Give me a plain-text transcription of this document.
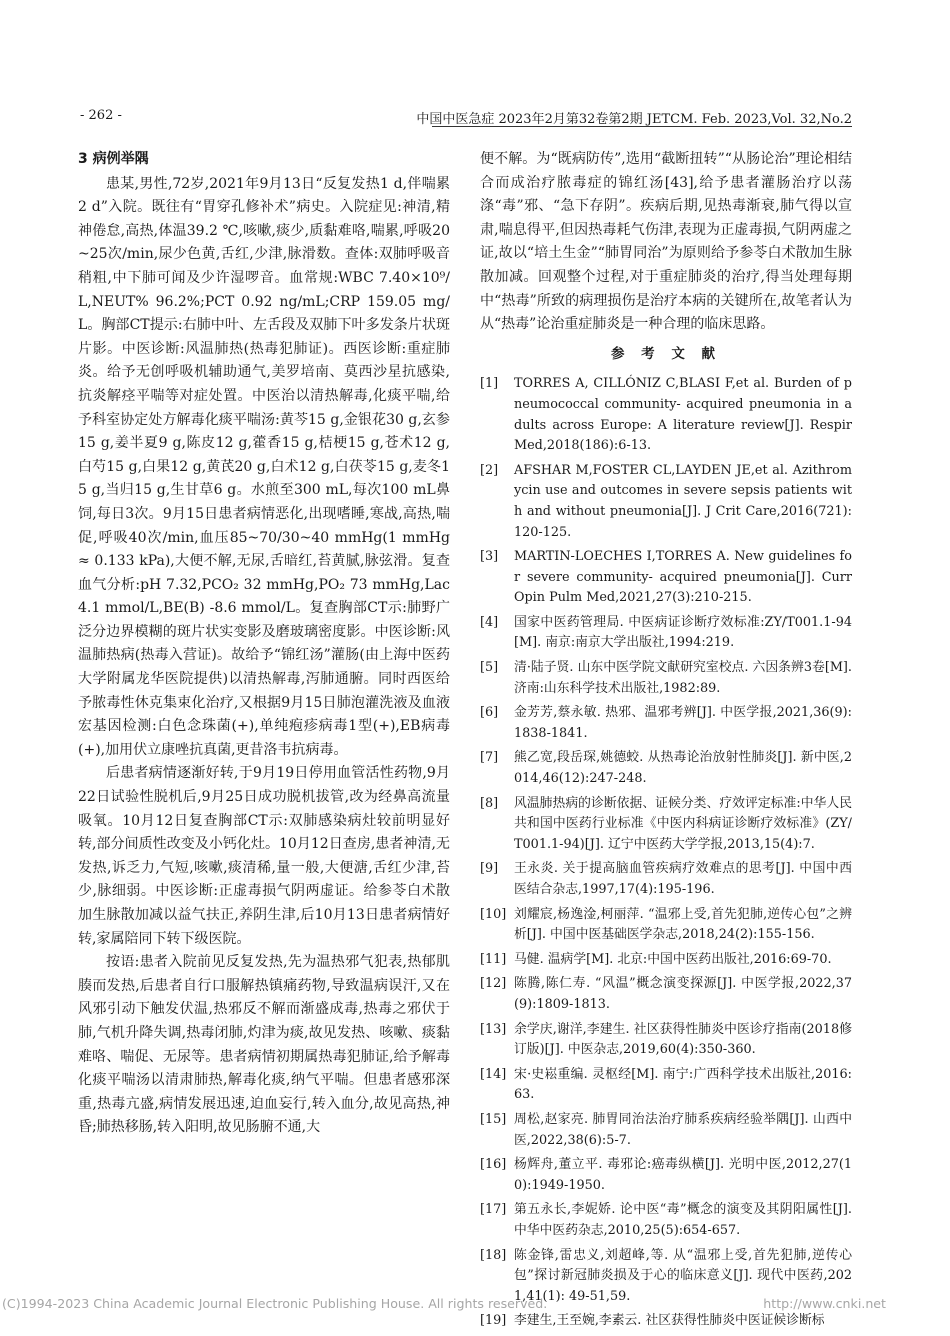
- 262 -	中国中医急症 2023年2月第32卷第2期 JETCM. Feb. 2023,Vol. 32,No.2
3 病例举隅

患某,男性,72岁,2021年9月13日“反复发热1 d,伴喘累2 d”入院。既往有“胃穿孔修补术”病史。入院症见:神清,精神倦怠,高热,体温39.2 ℃,咳嗽,痰少,质黏难咯,喘累,呼吸20~25次/min,尿少色黄,舌红,少津,脉滑数。查体:双肺呼吸音稍粗,中下肺可闻及少许湿啰音。血常规:WBC 7.40×10⁹/L,NEUT% 96.2%;PCT 0.92 ng/mL;CRP 159.05 mg/L。胸部CT提示:右肺中叶、左舌段及双肺下叶多发条片状斑片影。中医诊断:风温肺热(热毒犯肺证)。西医诊断:重症肺炎。给予无创呼吸机辅助通气,美罗培南、莫西沙星抗感染,抗炎解痉平喘等对症处置。中医治以清热解毒,化痰平喘,给予科室协定处方解毒化痰平喘汤:黄芩15 g,金银花30 g,玄参15 g,姜半夏9 g,陈皮12 g,藿香15 g,桔梗15 g,苍术12 g,白芍15 g,白果12 g,黄芪20 g,白术12 g,白茯苓15 g,麦冬15 g,当归15 g,生甘草6 g。水煎至300 mL,每次100 mL鼻饲,每日3次。9月15日患者病情恶化,出现嗜睡,寒战,高热,喘促,呼吸40次/min,血压85~70/30~40 mmHg(1 mmHg ≈ 0.133 kPa),大便不解,无尿,舌暗红,苔黄腻,脉弦滑。复查血气分析:pH 7.32,PCO₂ 32 mmHg,PO₂ 73 mmHg,Lac 4.1 mmol/L,BE(B) -8.6 mmol/L。复查胸部CT示:肺野广泛分边界模糊的斑片状实变影及磨玻璃密度影。中医诊断:风温肺热病(热毒入营证)。故给予“锦红汤”灌肠(由上海中医药大学附属龙华医院提供)以清热解毒,泻肺通腑。同时西医给予脓毒性休克集束化治疗,又根据9月15日肺泡灌洗液及血液宏基因检测:白色念珠菌(+),单纯疱疹病毒1型(+),EB病毒(+),加用伏立康唑抗真菌,更昔洛韦抗病毒。

后患者病情逐渐好转,于9月19日停用血管活性药物,9月22日试验性脱机后,9月25日成功脱机拔管,改为经鼻高流量吸氧。10月12日复查胸部CT示:双肺感染病灶较前明显好转,部分间质性改变及小钙化灶。10月12日查房,患者神清,无发热,诉乏力,气短,咳嗽,痰清稀,量一般,大便溏,舌红少津,苔少,脉细弱。中医诊断:正虚毒损气阴两虚证。给参苓白术散加生脉散加减以益气扶正,养阴生津,后10月13日患者病情好转,家属陪同下转下级医院。

按语:患者入院前见反复发热,先为温热邪气犯表,热郁肌腠而发热,后患者自行口服解热镇痛药物,导致温病误汗,又在风邪引动下触发伏温,热邪反不解而渐盛成毒,热毒之邪伏于肺,气机升降失调,热毒闭肺,灼津为痰,故见发热、咳嗽、痰黏难咯、喘促、无尿等。患者病情初期属热毒犯肺证,给予解毒化痰平喘汤以清肃肺热,解毒化痰,纳气平喘。但患者感邪深重,热毒亢盛,病情发展迅速,迫血妄行,转入血分,故见高热,神昏;肺热移肠,转入阳明,故见肠腑不通,大

便不解。为“既病防传”,选用“截断扭转”“从肠论治”理论相结合而成治疗脓毒症的锦红汤[43],给予患者灌肠治疗以荡涤“毒”邪、“急下存阴”。疾病后期,见热毒渐衰,肺气得以宣肃,喘息得平,但因热毒耗气伤津,表现为正虚毒损,气阴两虚之证,故以“培土生金”“肺胃同治”为原则给予参苓白术散加生脉散加减。回观整个过程,对于重症肺炎的治疗,得当处理每期中“热毒”所致的病理损伤是治疗本病的关键所在,故笔者认为从“热毒”论治重症肺炎是一种合理的临床思路。

参 考 文 献
[1] TORRES A, CILLÓNIZ C,BLASI F,et al. Burden of pneumococcal community- acquired pneumonia in adults across Europe: A literature review[J]. Respir Med,2018(186):6-13.
[2] AFSHAR M,FOSTER CL,LAYDEN JE,et al. Azithromycin use and outcomes in severe sepsis patients with and without pneumonia[J]. J Crit Care,2016(721):120-125.
[3] MARTIN-LOECHES I,TORRES A. New guidelines for severe community- acquired pneumonia[J]. Curr Opin Pulm Med,2021,27(3):210-215.
[4] 国家中医药管理局. 中医病证诊断疗效标准:ZY/T001.1-94[M]. 南京:南京大学出版社,1994:219.
[5] 清·陆子贤. 山东中医学院文献研究室校点. 六因条辨3卷[M]. 济南:山东科学技术出版社,1982:89.
[6] 金芳芳,蔡永敏. 热邪、温邪考辨[J]. 中医学报,2021,36(9):1838-1841.
[7] 熊乙宽,段岳琛,姚德蛟. 从热毒论治放射性肺炎[J]. 新中医,2014,46(12):247-248.
[8] 风温肺热病的诊断依据、证候分类、疗效评定标准:中华人民共和国中医药行业标准《中医内科病证诊断疗效标准》(ZY/T001.1-94)[J]. 辽宁中医药大学学报,2013,15(4):7.
[9] 王永炎. 关于提高脑血管疾病疗效难点的思考[J]. 中国中西医结合杂志,1997,17(4):195-196.
[10] 刘耀宸,杨逸淦,柯丽萍. “温邪上受,首先犯肺,逆传心包”之辨析[J]. 中国中医基础医学杂志,2018,24(2):155-156.
[11] 马健. 温病学[M]. 北京:中国中医药出版社,2016:69-70.
[12] 陈腾,陈仁寿. “风温”概念演变探源[J]. 中医学报,2022,37(9):1809-1813.
[13] 余学庆,谢洋,李建生. 社区获得性肺炎中医诊疗指南(2018修订版)[J]. 中医杂志,2019,60(4):350-360.
[14] 宋·史崧重编. 灵枢经[M]. 南宁:广西科学技术出版社,2016:63.
[15] 周松,赵家亮. 肺胃同治法治疗肺系疾病经验举隅[J]. 山西中医,2022,38(6):5-7.
[16] 杨辉舟,董立平. 毒邪论:癌毒纵横[J]. 光明中医,2012,27(10):1949-1950.
[17] 第五永长,李妮娇. 论中医“毒”概念的演变及其阴阳属性[J]. 中华中医药杂志,2010,25(5):654-657.
[18] 陈金锋,雷忠义,刘超峰,等. 从“温邪上受,首先犯肺,逆传心包”探讨新冠肺炎损及于心的临床意义[J]. 现代中医药,2021,41(1): 49-51,59.
[19] 李建生,王至婉,李素云. 社区获得性肺炎中医证候诊断标
(C)1994-2023 China Academic Journal Electronic Publishing House. All rights reserved.	http://www.cnki.net
